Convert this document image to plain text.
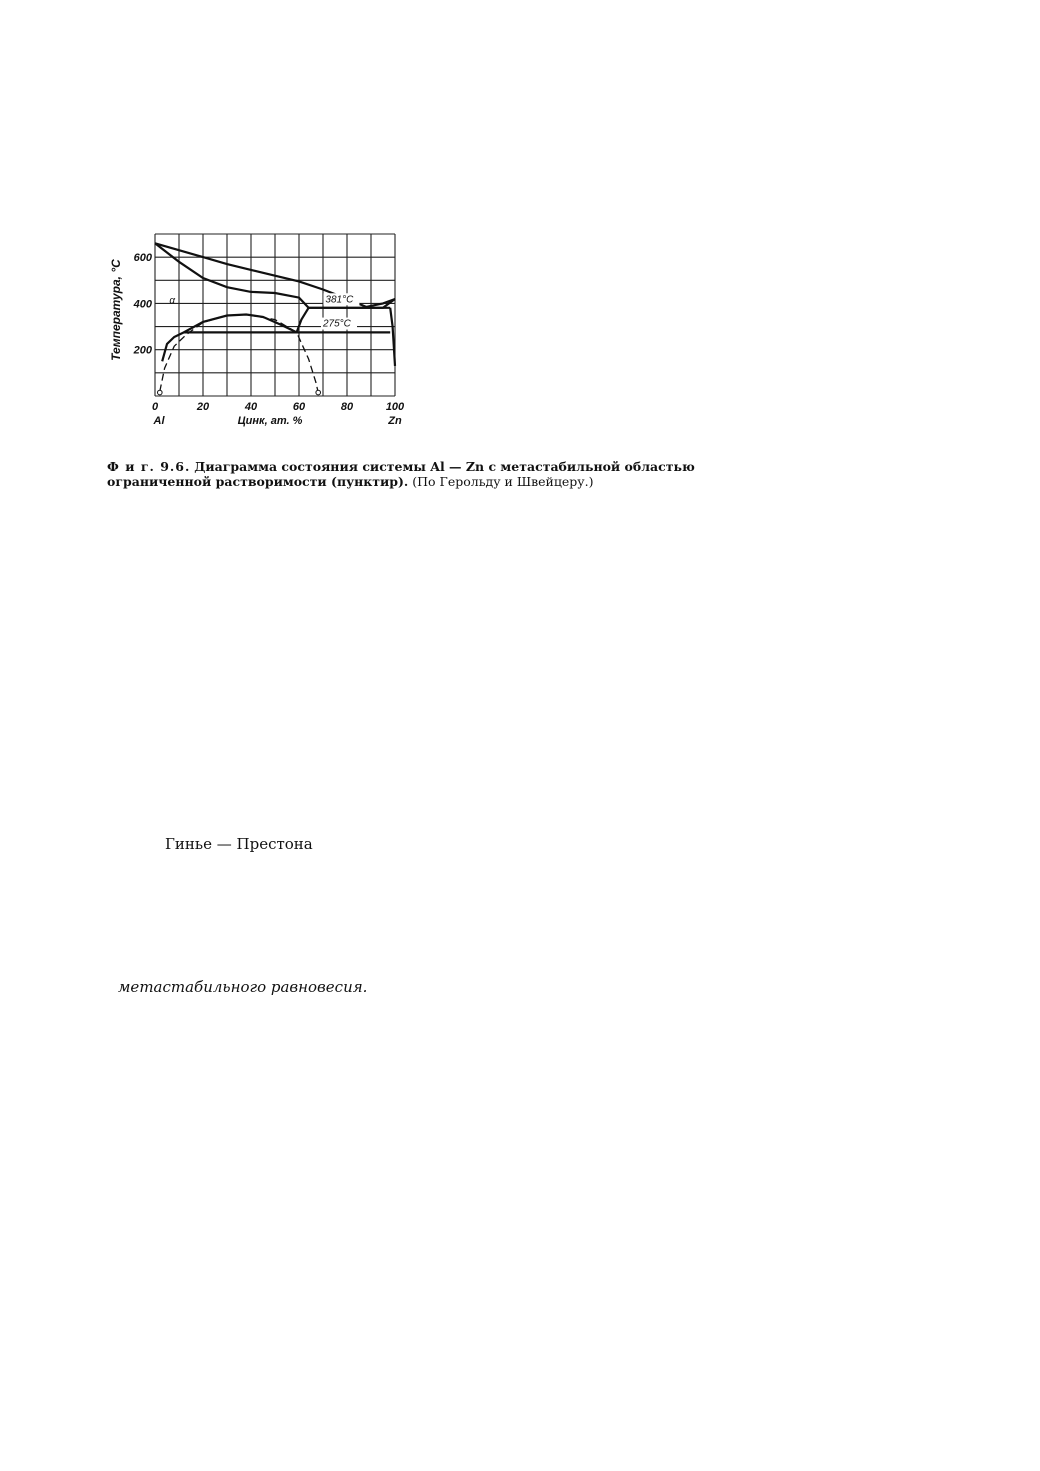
α	381°C
275°C
0	20	40	60	80	100
200
400
600
Al	Zn
Цинк, ат. %
Температура, °С

Ф и г. 9.6. Диаграмма состояния системы Al — Zn с метастабильной областью ограниченной растворимости (пунктир). (По Герольду и Швейцеру.)

Гинье — Престона

метастабильного равновесия.
